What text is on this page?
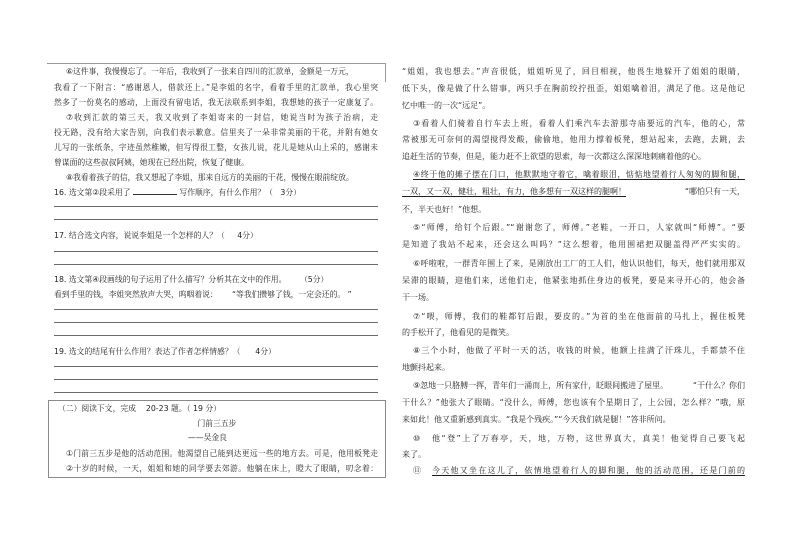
⑥这件事，我慢慢忘了。一年后，我收到了一张来自四川的汇款单，金额是一万元，
我看了一下附言：“感谢恩人，借款还上。”是李姐的名字，看着手里的汇款单，我心里突
然多了一份莫名的感动，上面没有留电话，我无法联系到李姐，我想她的孩子一定康复了。
⑦收到汇款的第三天，我又收到了李姐寄来的一封信，她说当时为孩子治病，走
投无路，没有给大家告别，向我们表示歉意。信里夹了一朵非常美丽的干花，并附有她女
儿写的一张纸条，字迹虽然稚嫩，但写得很工整，女孩儿说，花儿是她从山上采的，感谢未
曾谋面的这些叔叔阿姨，她现在已经出院，恢复了健康。
⑧我看着孩子的信，我又想起了李姐，那来自远方的美丽的干花，慢慢在眼前绽放。
16. 选文第②段采用了	写作顺序，有什么作用？（   3分）
17. 结合选文内容，说说李姐是一个怎样的人？（     4分）
18. 选文第④段画线的句子运用了什么描写？分析其在文中的作用。	（5分）
看到手里的钱，李姐突然放声大哭，呜咽着说：	“等我们攒够了钱，一定会还的。 ”
19. 选文的结尾有什么作用？表达了作者怎样情感？（      4分）
（二）阅读下文，完成    20-23 题。（ 19 分）
门前三五步
——吴金良
①门前三五步是他的活动范围。他渴望自己能到达更远一些的地方去。可是，他用板凳走
②十岁的时候，一天，姐姐和她的同学要去郊游。他躺在床上，瞪大了眼睛，叨念着：
“姐姐，我也想去。”声音很低，姐姐听见了，回目相视，他畏生地躲开了姐姐的眼睛，
低下头，像是做了什么错事，两只手在胸前绞拧扭歪，姐姐噙着泪，满足了他。这是他记
忆中唯一的一次“远足”。
③看着人们骑着自行车去上班，看着人们乘汽车去游那寺庙要远的汽车，他的心，常
常被那无可奈何的渴望搅得发酸，偷偷地，他用力撑着板凳，想站起来，去跑，去跳，去
追赶生活的节奏，但是，能力赶不上欲望的思索，每一次都这么深深地刺痛着他的心。
④终于他的摊子摆在门口，他默默地守着它，噙着眼泪，惦惦地望着行人匆匆的脚和腿，
一双，又一双，健壮，粗壮，有力，他多想有一双这样的腿啊！	“哪怕只有一天，
不，半天也好！”他想。
⑤“师傅，给钉个后跟。”“谢谢您了，师傅。”老鞋，一开口，人家就叫“师傅”。“要
是知道了我站不起来，还会这么叫吗？”这么想着，他用围裙把双腿盖得严严实实的。
⑥呼啦啦，一群青年围上了来，是刚放出工厂的工人们，他认识他们，每天，他们就用那双
呆滞的眼睛，迎他们来，送他们走，他紧张地抓住身边的板凳，要是来寻开心的，他会备
干一场。
⑦“喂，师傅，我们的鞋都钉后跟，要皮的。”为首的坐在他面前的马扎上，握住板凳
的手松开了，他看见的是微笑。
⑧三个小时，他做了平时一天的活，收钱的时候，他额上挂满了汗珠儿，手都禁不住
地颤抖起来。
⑨忽地一只胳膊一挥，青年们一涌而上，所有家什，眨眼间搬进了屋里。	“干什么？你们
干什么？”他张大了眼睛。“没什么，师傅，您也该有个星期日了，上公园，怎么样？”哦，原
来如此！他又重新感到真实。“我是个残疾。”“今天我们就是腿！”答非所问。
⑩	他“登”上了万春亭，天，地，万物，这世界真大，真美！他觉得自己要飞起
来了。
⑪	今天他又坐在这儿了，依情地望着行人的脚和腿，他的活动范围，还是门前的
